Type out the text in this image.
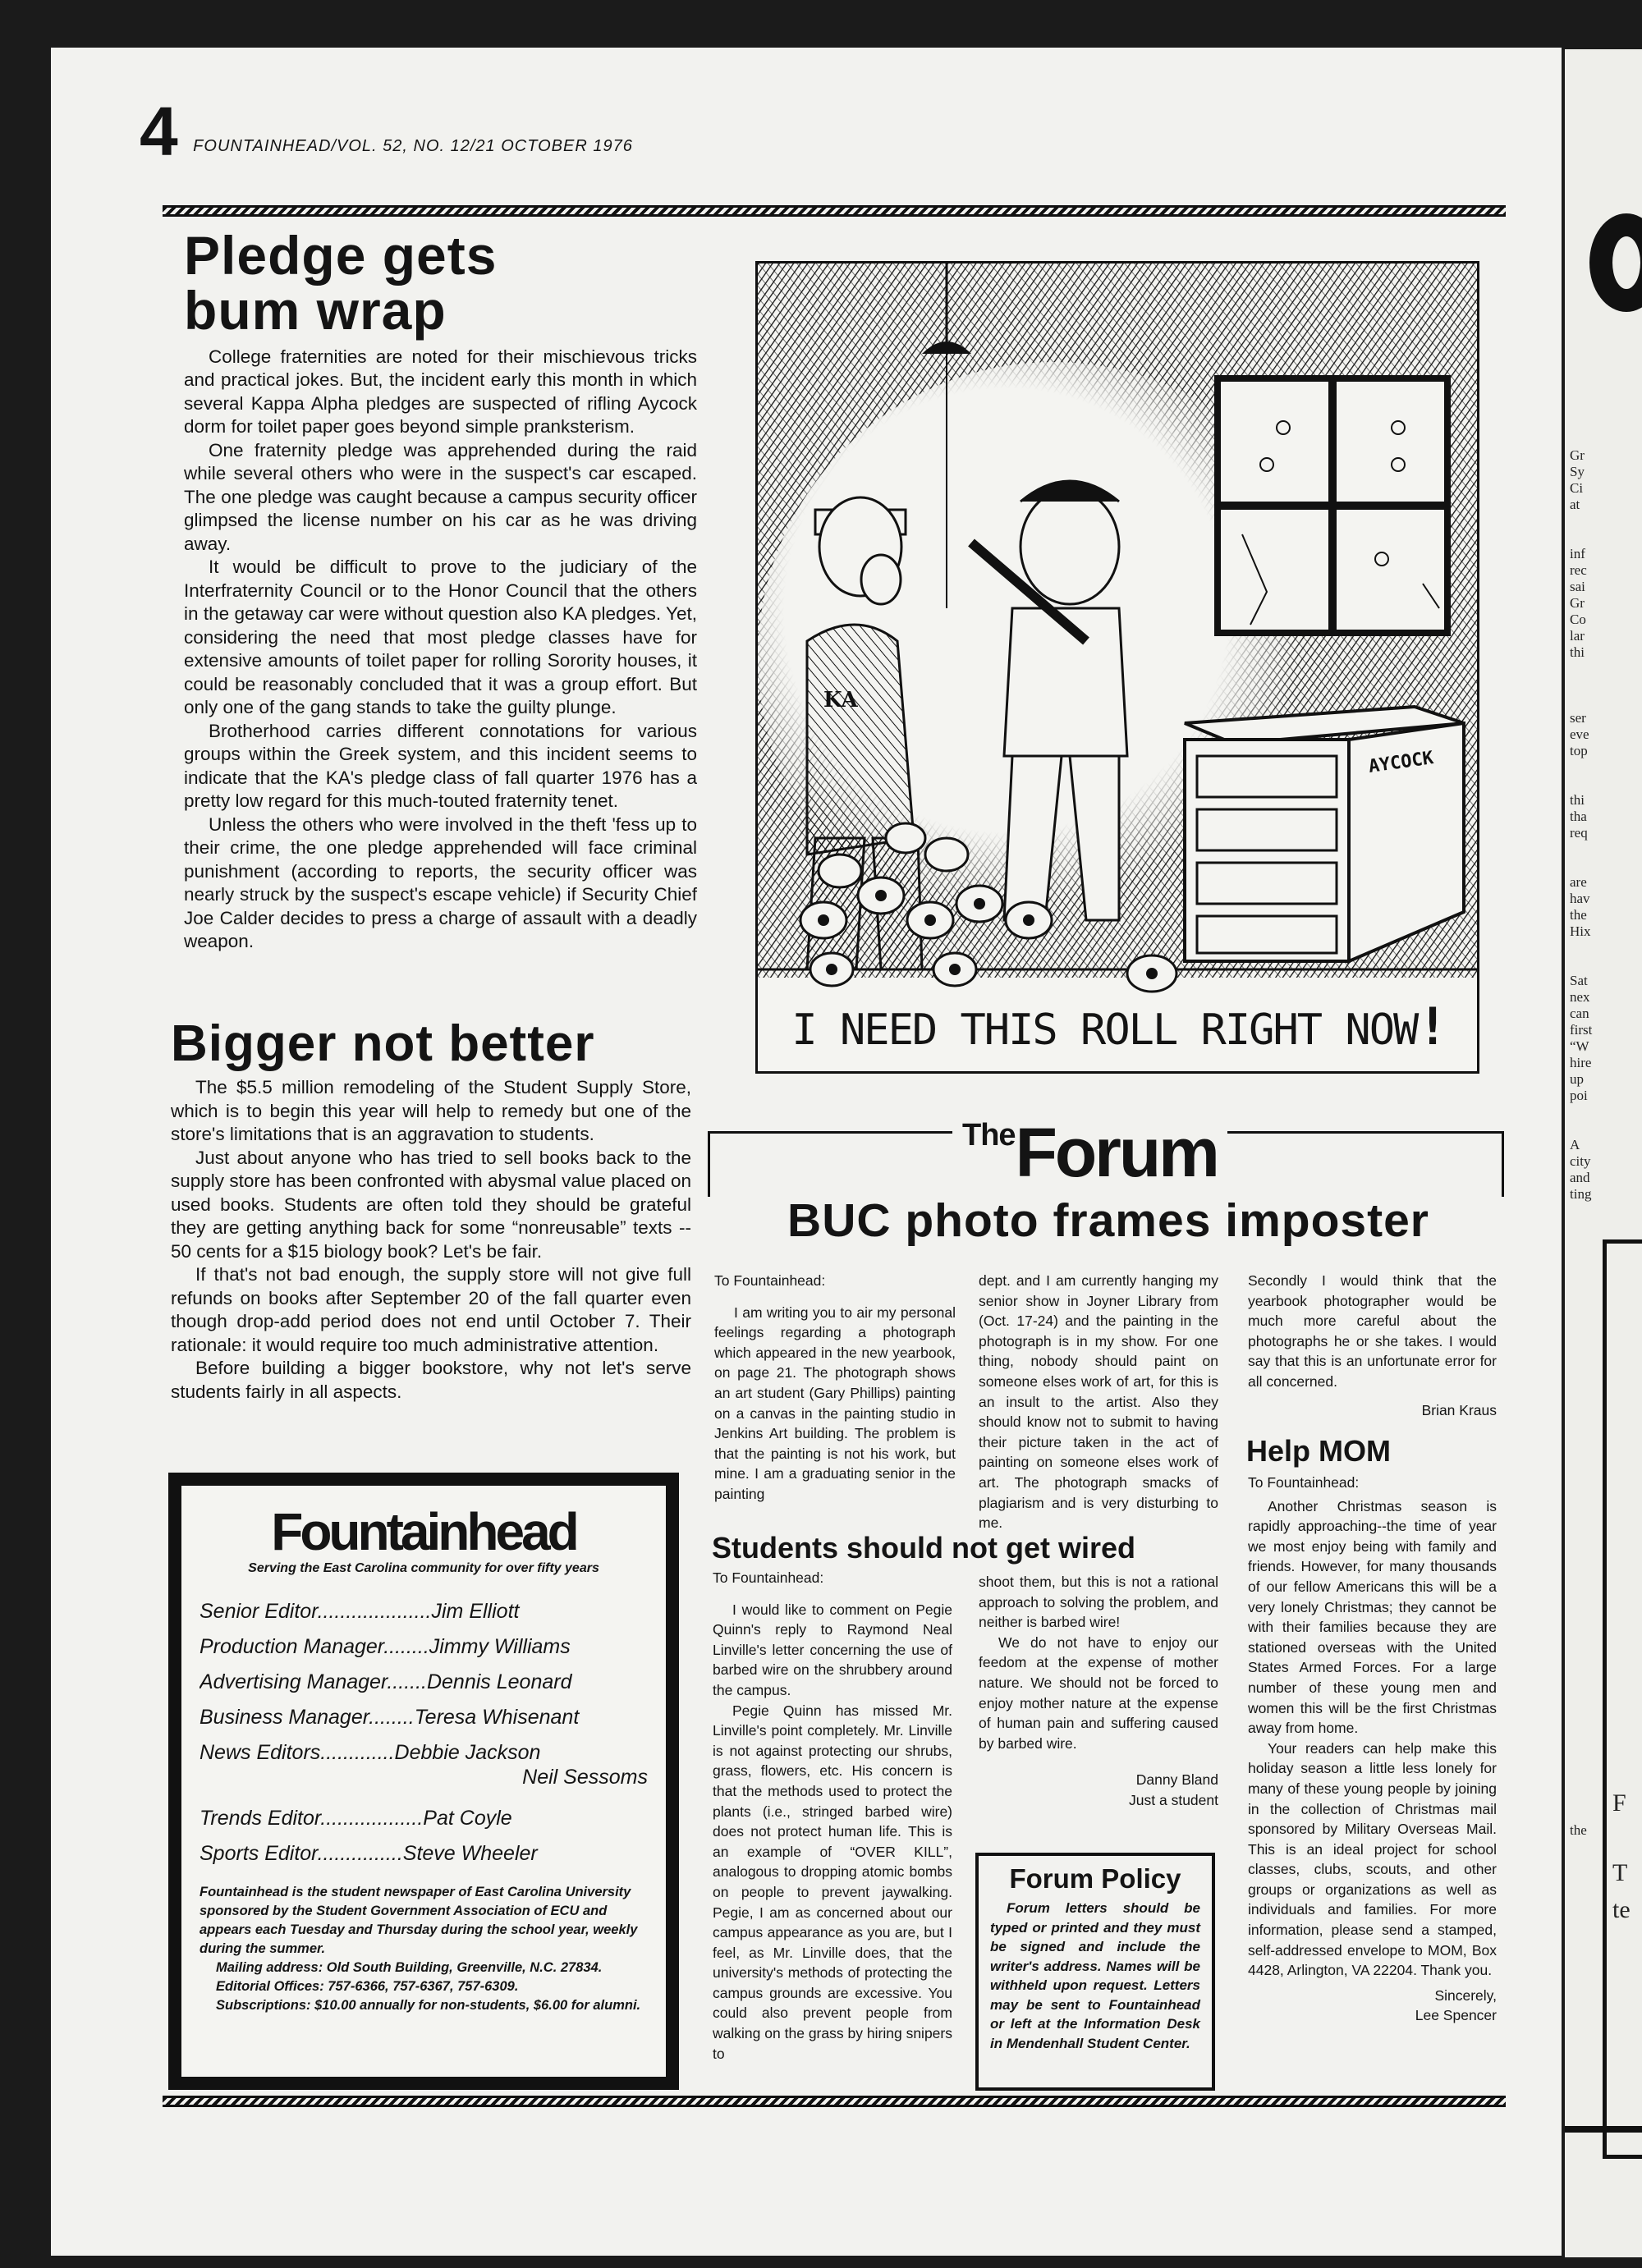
Gr
Sy
Ci
at
inf
rec
sai
Gr
Co
lar
thi
ser
eve
top
thi
tha
req
are
hav
the
Hix
Sat
nex
can
first
“W
hire
up
poi
A
city
and
ting
the
T
te
F
4 FOUNTAINHEAD/VOL. 52, NO. 12/21 OCTOBER 1976
Pledge gets bum wrap

College fraternities are noted for their mischievous tricks and practical jokes. But, the incident early this month in which several Kappa Alpha pledges are suspected of rifling Aycock dorm for toilet paper goes beyond simple pranksterism.

One fraternity pledge was apprehended during the raid while several others who were in the suspect's car escaped. The one pledge was caught because a campus security officer glimpsed the license number on his car as he was driving away.

It would be difficult to prove to the judiciary of the Interfraternity Council or to the Honor Council that the others in the getaway car were without question also KA pledges. Yet, considering the need that most pledge classes have for extensive amounts of toilet paper for rolling Sorority houses, it could be reasonably concluded that it was a group effort. But only one of the gang stands to take the guilty plunge.

Brotherhood carries different connotations for various groups within the Greek system, and this incident seems to indicate that the KA's pledge class of fall quarter 1976 has a pretty low regard for this much-touted fraternity tenet.

Unless the others who were involved in the theft 'fess up to their crime, the one pledge apprehended will face criminal punishment (according to reports, the security officer was nearly struck by the suspect's escape vehicle) if Security Chief Joe Calder decides to press a charge of assault with a deadly weapon.

Bigger not better

The $5.5 million remodeling of the Student Supply Store, which is to begin this year will help to remedy but one of the store's limitations that is an aggravation to students.

Just about anyone who has tried to sell books back to the supply store has been confronted with abysmal value placed on used books. Students are often told they should be grateful they are getting anything back for some “nonreusable” texts -- 50 cents for a $15 biology book? Let's be fair.

If that's not bad enough, the supply store will not give full refunds on books after September 20 of the fall quarter even though drop-add period does not end until October 7. Their rationale: it would require too much administrative attention.

Before building a bigger bookstore, why not let's serve students fairly in all aspects.

AYCOCK
KA
I NEED THIS ROLL RIGHT NOW!
TheForum
BUC photo frames imposter

To Fountainhead:

I am writing you to air my personal feelings regarding a photograph which appeared in the new yearbook, on page 21. The photograph shows an art student (Gary Phillips) painting on a canvas in the painting studio in Jenkins Art building. The problem is that the painting is not his work, but mine. I am a graduating senior in the painting

dept. and I am currently hanging my senior show in Joyner Library from (Oct. 17-24) and the painting in the photograph is in my show. For one thing, nobody should paint on someone elses work of art, for this is an insult to the artist. Also they should know not to submit to having their picture taken in the act of painting on someone elses work of art. The photograph smacks of plagiarism and is very disturbing to me.

Secondly I would think that the yearbook photographer would be much more careful about the photographs he or she takes. I would say that this is an unfortunate error for all concerned.

Brian Kraus

Students should not get wired

To Fountainhead:

I would like to comment on Pegie Quinn's reply to Raymond Neal Linville's letter concerning the use of barbed wire on the shrubbery around the campus.

Pegie Quinn has missed Mr. Linville's point completely. Mr. Linville is not against protecting our shrubs, grass, flowers, etc. His concern is that the methods used to protect the plants (i.e., stringed barbed wire) does not protect human life. This is an example of “OVER KILL”, analogous to dropping atomic bombs on people to prevent jaywalking. Pegie, I am as concerned about our campus appearance as you are, but I feel, as Mr. Linville does, that the university's methods of protecting the campus grounds are excessive. You could also prevent people from walking on the grass by hiring snipers to

shoot them, but this is not a rational approach to solving the problem, and neither is barbed wire!

We do not have to enjoy our feedom at the expense of mother nature. We should not be forced to enjoy mother nature at the expense of human pain and suffering caused by barbed wire.

Danny Bland

Just a student

Forum Policy
Forum letters should be typed or printed and they must be signed and include the writer's address. Names will be withheld upon request. Letters may be sent to Fountainhead or left at the Information Desk in Mendenhall Student Center.
Help MOM

To Fountainhead:

Another Christmas season is rapidly approaching--the time of year we most enjoy being with family and friends. However, for many thousands of our fellow Americans this will be a very lonely Christmas; they cannot be with their families because they are stationed overseas with the United States Armed Forces. For a large number of these young men and women this will be the first Christmas away from home.

Your readers can help make this holiday season a little less lonely for many of these young people by joining in the collection of Christmas mail sponsored by Military Overseas Mail. This is an ideal project for school classes, clubs, scouts, and other groups or organizations as well as individuals and families. For more information, please send a stamped, self-addressed envelope to MOM, Box 4428, Arlington, VA 22204. Thank you.

Sincerely,

Lee Spencer

Fountainhead
Serving the East Carolina community for over fifty years
Senior Editor....................Jim Elliott
Production Manager........Jimmy Williams
Advertising Manager.......Dennis Leonard
Business Manager........Teresa Whisenant
News Editors.............Debbie Jackson
Neil Sessoms
Trends Editor..................Pat Coyle
Sports Editor...............Steve Wheeler

Fountainhead is the student newspaper of East Carolina University sponsored by the Student Government Association of ECU and appears each Tuesday and Thursday during the school year, weekly during the summer.

Mailing address: Old South Building, Greenville, N.C. 27834.

Editorial Offices: 757-6366, 757-6367, 757-6309.

Subscriptions: $10.00 annually for non-students, $6.00 for alumni.
